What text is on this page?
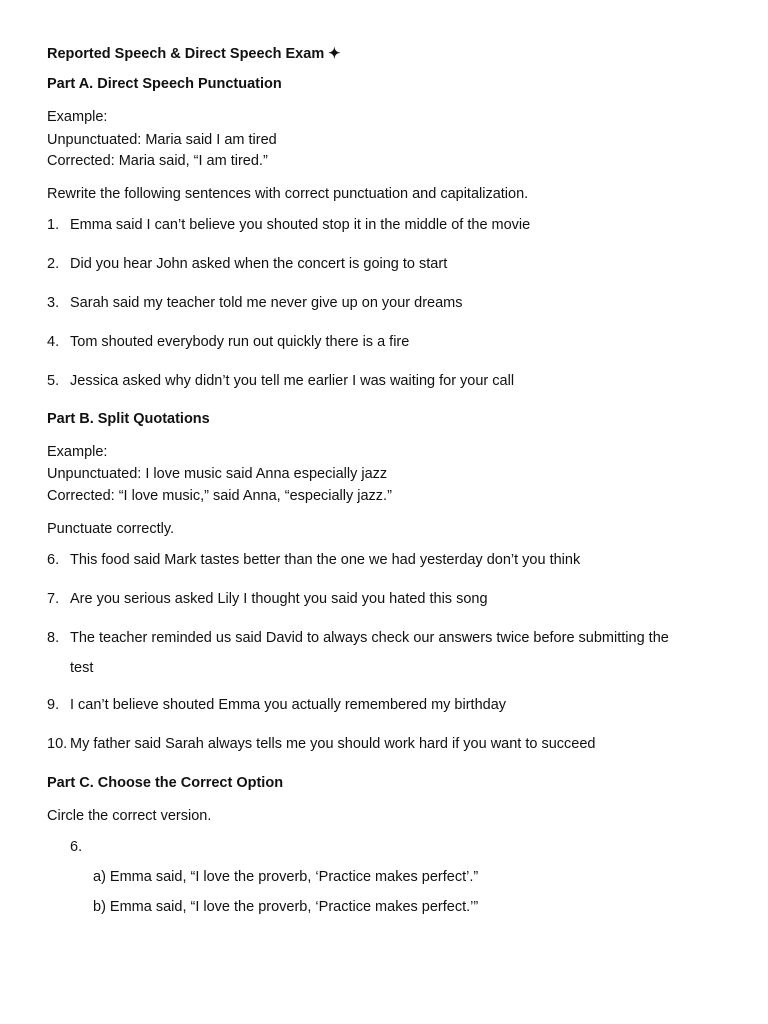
Reported Speech & Direct Speech Exam ✦
Part A. Direct Speech Punctuation
Example:
Unpunctuated: Maria said I am tired
Corrected: Maria said, “I am tired.”
Rewrite the following sentences with correct punctuation and capitalization.
1. Emma said I can’t believe you shouted stop it in the middle of the movie
2. Did you hear John asked when the concert is going to start
3. Sarah said my teacher told me never give up on your dreams
4. Tom shouted everybody run out quickly there is a fire
5. Jessica asked why didn’t you tell me earlier I was waiting for your call
Part B. Split Quotations
Example:
Unpunctuated: I love music said Anna especially jazz
Corrected: “I love music,” said Anna, “especially jazz.”
Punctuate correctly.
6. This food said Mark tastes better than the one we had yesterday don’t you think
7. Are you serious asked Lily I thought you said you hated this song
8. The teacher reminded us said David to always check our answers twice before submitting the
test
9. I can’t believe shouted Emma you actually remembered my birthday
10. My father said Sarah always tells me you should work hard if you want to succeed
Part C. Choose the Correct Option
Circle the correct version.
6.
a) Emma said, “I love the proverb, ‘Practice makes perfect’.”
b) Emma said, “I love the proverb, ‘Practice makes perfect.’”
